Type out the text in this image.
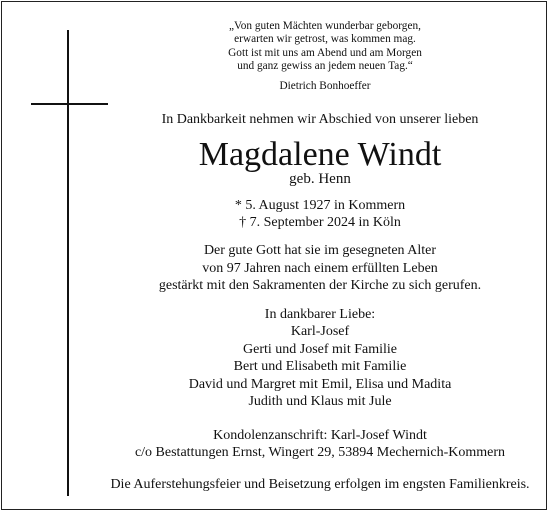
„Von guten Mächten wunderbar geborgen,
erwarten wir getrost, was kommen mag.
Gott ist mit uns am Abend und am Morgen
und ganz gewiss an jedem neuen Tag.“
Dietrich Bonhoeffer

In Dankbarkeit nehmen wir Abschied von unserer lieben

Magdalene Windt
geb. Henn
* 5. August 1927 in Kommern
† 7. September 2024 in Köln
Der gute Gott hat sie im gesegneten Alter
von 97 Jahren nach einem erfüllten Leben
gestärkt mit den Sakramenten der Kirche zu sich gerufen.
In dankbarer Liebe:
Karl-Josef
Gerti und Josef mit Familie
Bert und Elisabeth mit Familie
David und Margret mit Emil, Elisa und Madita
Judith und Klaus mit Jule
Kondolenzanschrift: Karl-Josef Windt
c/o Bestattungen Ernst, Wingert 29, 53894 Mechernich-Kommern
Die Auferstehungsfeier und Beisetzung erfolgen im engsten Familienkreis.
